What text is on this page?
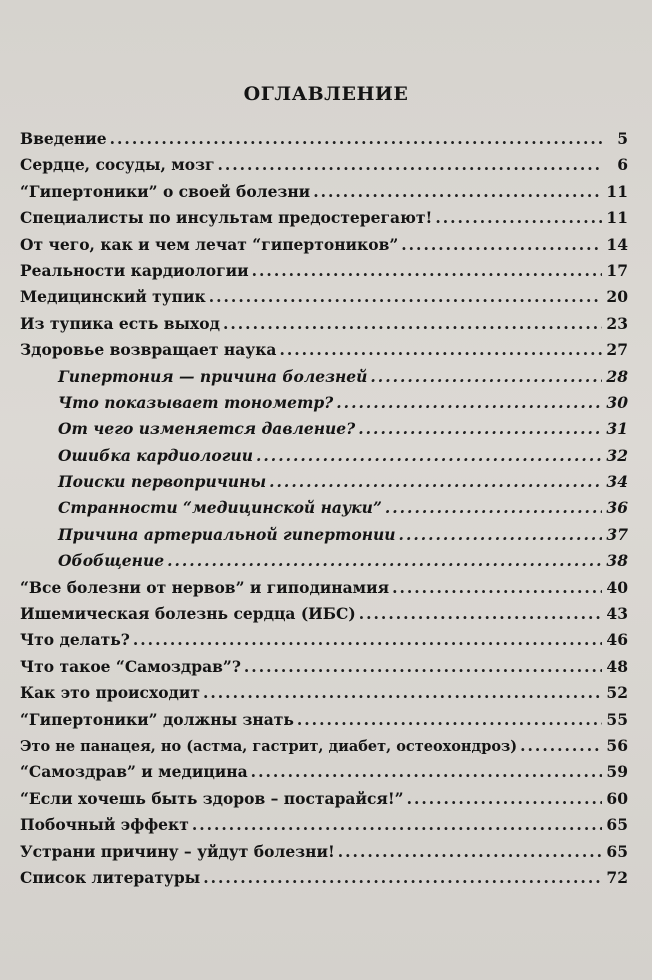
ОГЛАВЛЕНИЕ
Введение .....	5
Сердце, сосуды, мозг .....	6
“Гипертоники” о своей болезни .....	11
Специалисты по инсультам предостерегают! .....	11
От чего, как и чем лечат “гипертоников” .....	14
Реальности кардиологии .....	17
Медицинский тупик .....	20
Из тупика есть выход .....	23
Здоровье возвращает наука .....	27
Гипертония — причина болезней .....	28
Что показывает тонометр? .....	30
От чего изменяется давление? .....	31
Ошибка кардиологии .....	32
Поиски первопричины .....	34
Странности “медицинской науки” .....	36
Причина артериальной гипертонии .....	37
Обобщение .....	38
“Все болезни от нервов” и гиподинамия .....	40
Ишемическая болезнь сердца (ИБС) .....	43
Что делать? .....	46
Что такое “Самоздрав”? .....	48
Как это происходит .....	52
“Гипертоники” должны знать .....	55
Это не панацея, но (астма, гастрит, диабет, остеохондроз) .....	56
“Самоздрав” и медицина .....	59
“Если хочешь быть здоров – постарайся!” .....	60
Побочный эффект .....	65
Устрани причину – уйдут болезни! .....	65
Список литературы .....	72
